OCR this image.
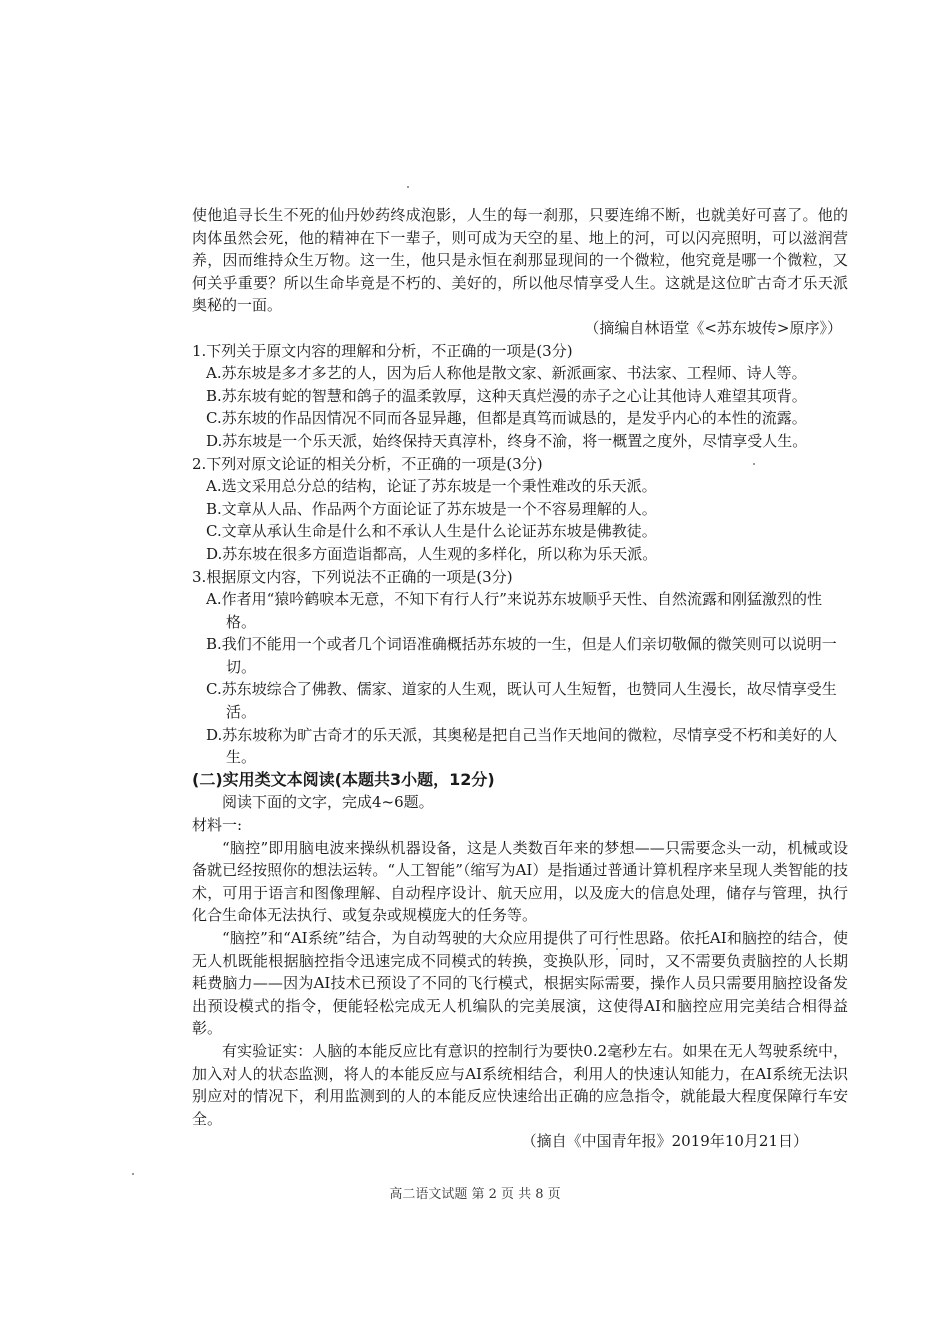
使他追寻长生不死的仙丹妙药终成泡影，人生的每一刹那，只要连绵不断，也就美好可喜了。他的肉体虽然会死，他的精神在下一辈子，则可成为天空的星、地上的河，可以闪亮照明，可以滋润营养，因而维持众生万物。这一生，他只是永恒在刹那显现间的一个微粒，他究竟是哪一个微粒，又何关乎重要？所以生命毕竟是不朽的、美好的，所以他尽情享受人生。这就是这位旷古奇才乐天派奥秘的一面。

（摘编自林语堂《<苏东坡传>原序》）

1.下列关于原文内容的理解和分析，不正确的一项是(3分)

A.苏东坡是多才多艺的人，因为后人称他是散文家、新派画家、书法家、工程师、诗人等。

B.苏东坡有蛇的智慧和鸽子的温柔敦厚，这种天真烂漫的赤子之心让其他诗人难望其项背。

C.苏东坡的作品因情况不同而各显异趣，但都是真笃而诚恳的，是发乎内心的本性的流露。

D.苏东坡是一个乐天派，始终保持天真淳朴，终身不渝，将一概置之度外，尽情享受人生。

2.下列对原文论证的相关分析，不正确的一项是(3分)

A.选文采用总分总的结构，论证了苏东坡是一个秉性难改的乐天派。

B.文章从人品、作品两个方面论证了苏东坡是一个不容易理解的人。

C.文章从承认生命是什么和不承认人生是什么论证苏东坡是佛教徒。

D.苏东坡在很多方面造诣都高，人生观的多样化，所以称为乐天派。

3.根据原文内容，下列说法不正确的一项是(3分)

A.作者用“猿吟鹤唳本无意，不知下有行人行”来说苏东坡顺乎天性、自然流露和刚猛激烈的性格。

B.我们不能用一个或者几个词语准确概括苏东坡的一生，但是人们亲切敬佩的微笑则可以说明一切。

C.苏东坡综合了佛教、儒家、道家的人生观，既认可人生短暂，也赞同人生漫长，故尽情享受生活。

D.苏东坡称为旷古奇才的乐天派，其奥秘是把自己当作天地间的微粒，尽情享受不朽和美好的人生。

(二)实用类文本阅读(本题共3小题，12分)

阅读下面的文字，完成4~6题。

材料一:

“脑控”即用脑电波来操纵机器设备，这是人类数百年来的梦想——只需要念头一动，机械或设备就已经按照你的想法运转。“人工智能”（缩写为AI）是指通过普通计算机程序来呈现人类智能的技术，可用于语言和图像理解、自动程序设计、航天应用，以及庞大的信息处理，储存与管理，执行化合生命体无法执行、或复杂或规模庞大的任务等。

“脑控”和“AI系统”结合，为自动驾驶的大众应用提供了可行性思路。依托AI和脑控的结合，使无人机既能根据脑控指令迅速完成不同模式的转换，变换队形，同时，又不需要负责脑控的人长期耗费脑力——因为AI技术已预设了不同的飞行模式，根据实际需要，操作人员只需要用脑控设备发出预设模式的指令，便能轻松完成无人机编队的完美展演，这使得AI和脑控应用完美结合相得益彰。

有实验证实：人脑的本能反应比有意识的控制行为要快0.2毫秒左右。如果在无人驾驶系统中，加入对人的状态监测，将人的本能反应与AI系统相结合，利用人的快速认知能力，在AI系统无法识别应对的情况下，利用监测到的人的本能反应快速给出正确的应急指令，就能最大程度保障行车安全。

（摘自《中国青年报》2019年10月21日）

高二语文试题 第 2 页 共 8 页
